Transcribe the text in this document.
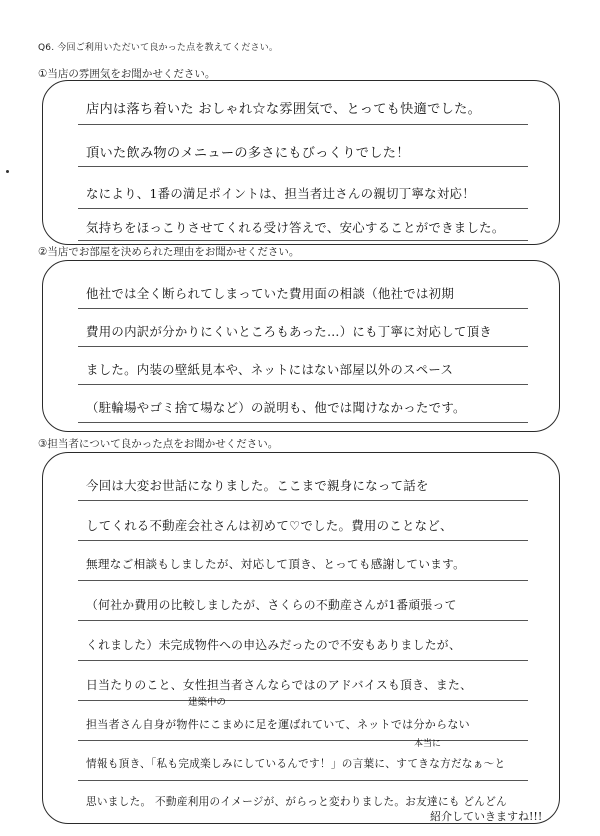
Q6. 今回ご利用いただいて良かった点を教えてください。
①当店の雰囲気をお聞かせください。
店内は落ち着いた おしゃれ☆な雰囲気で、とっても快適でした。
頂いた飲み物のメニューの多さにもびっくりでした！
なにより、1番の満足ポイントは、担当者辻さんの親切丁寧な対応！
気持ちをほっこりさせてくれる受け答えで、安心することができました。
②当店でお部屋を決められた理由をお聞かせください。
他社では全く断られてしまっていた費用面の相談（他社では初期
費用の内訳が分かりにくいところもあった…）にも丁寧に対応して頂き
ました。内装の壁紙見本や、ネットにはない部屋以外のスペース
（駐輪場やゴミ捨て場など）の説明も、他では聞けなかったです。
③担当者について良かった点をお聞かせください。
今回は大変お世話になりました。ここまで親身になって話を
してくれる不動産会社さんは初めて♡でした。費用のことなど、
無理なご相談もしましたが、対応して頂き、とっても感謝しています。
（何社か費用の比較しましたが、さくらの不動産さんが1番頑張って
くれました）未完成物件への申込みだったので不安もありましたが、
日当たりのこと、女性担当者さんならではのアドバイスも頂き、また、
建築中の
担当者さん自身が物件にこまめに足を運ばれていて、ネットでは分からない
本当に
情報も頂き、「私も完成楽しみにしているんです！」の言葉に、すてきな方だなぁ～と
思いました。 不動産利用のイメージが、がらっと変わりました。お友達にも どんどん
紹介していきますね!!!
